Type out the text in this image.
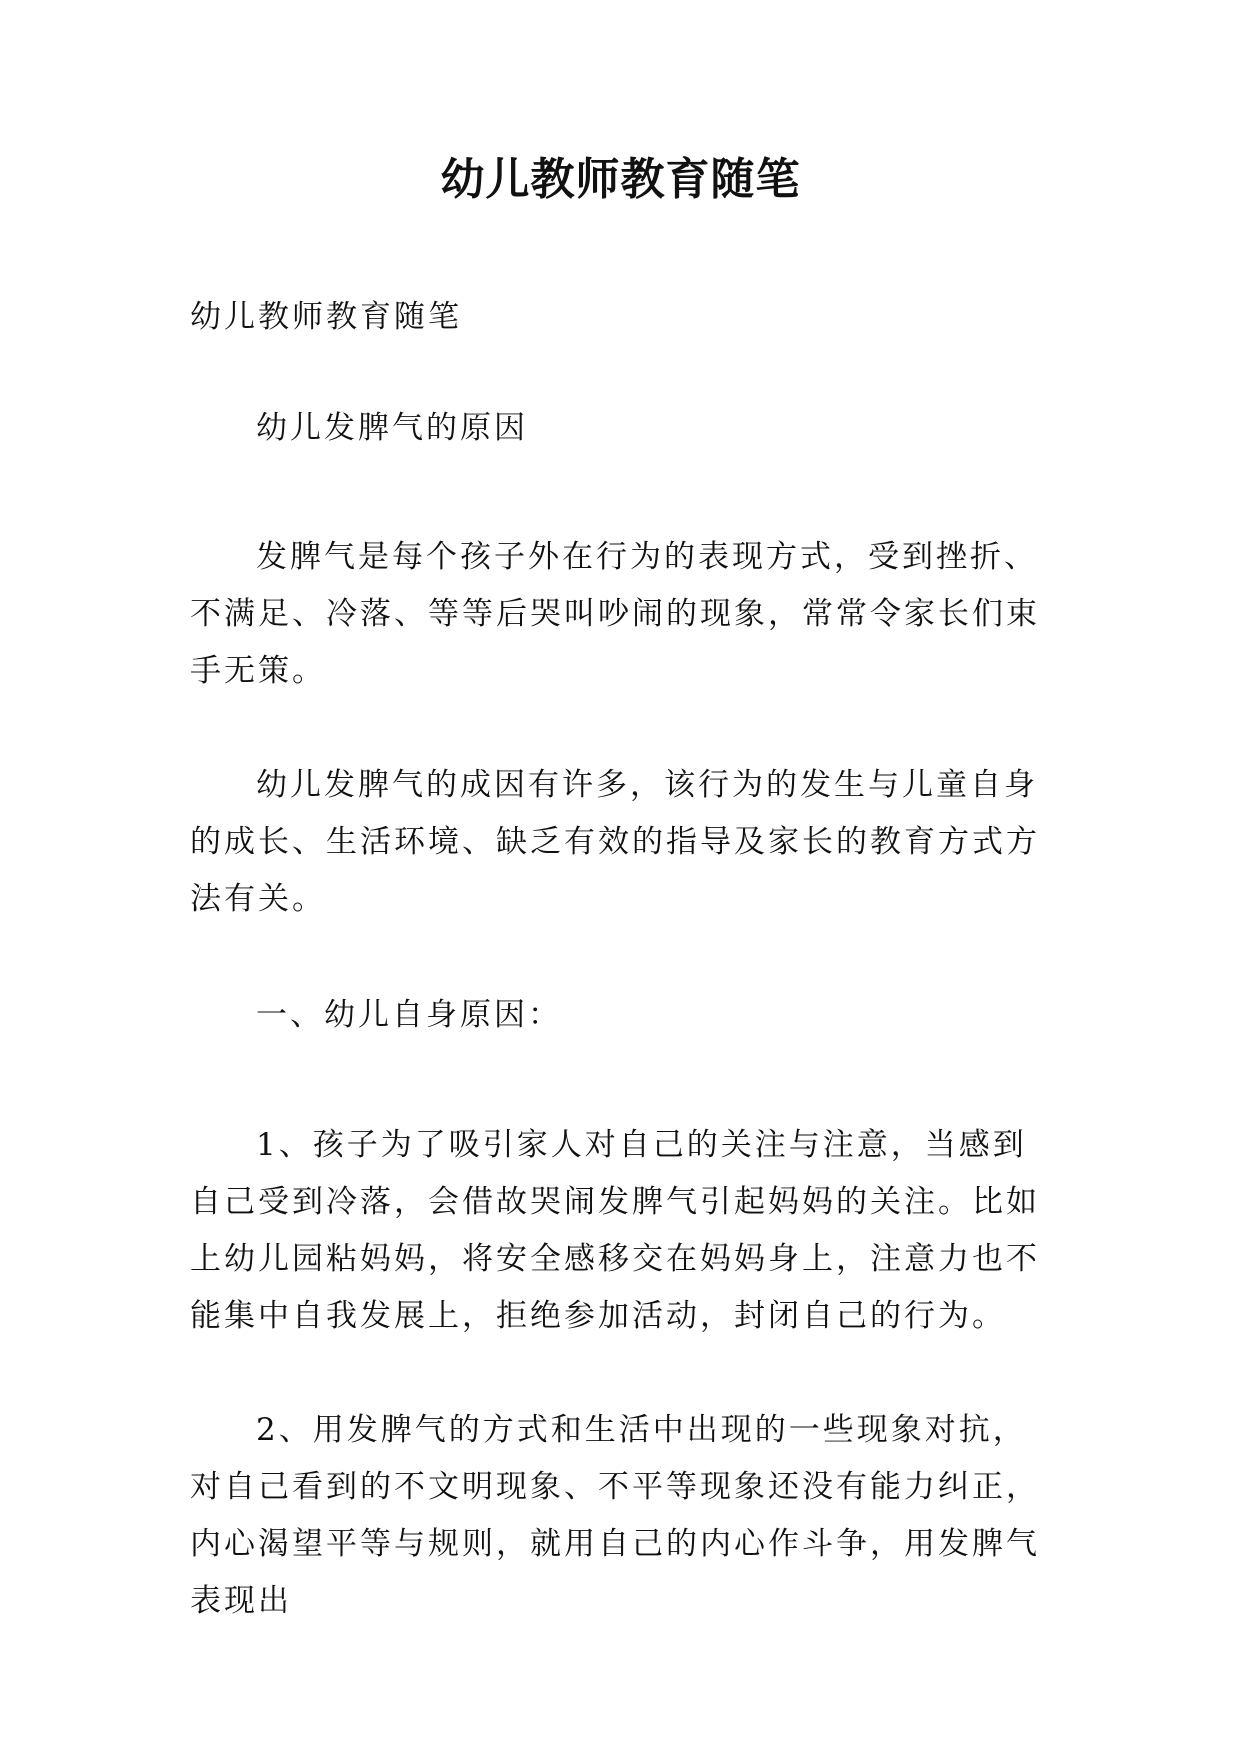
幼儿教师教育随笔

幼儿教师教育随笔

幼儿发脾气的原因

发脾气是每个孩子外在行为的表现方式，受到挫折、不满足、冷落、等等后哭叫吵闹的现象，常常令家长们束手无策。

幼儿发脾气的成因有许多，该行为的发生与儿童自身的成长、生活环境、缺乏有效的指导及家长的教育方式方法有关。

一、幼儿自身原因：

1、孩子为了吸引家人对自己的关注与注意，当感到自己受到冷落，会借故哭闹发脾气引起妈妈的关注。比如上幼儿园粘妈妈，将安全感移交在妈妈身上，注意力也不能集中自我发展上，拒绝参加活动，封闭自己的行为。

2、用发脾气的方式和生活中出现的一些现象对抗，对自己看到的不文明现象、不平等现象还没有能力纠正，内心渴望平等与规则，就用自己的内心作斗争，用发脾气表现出
